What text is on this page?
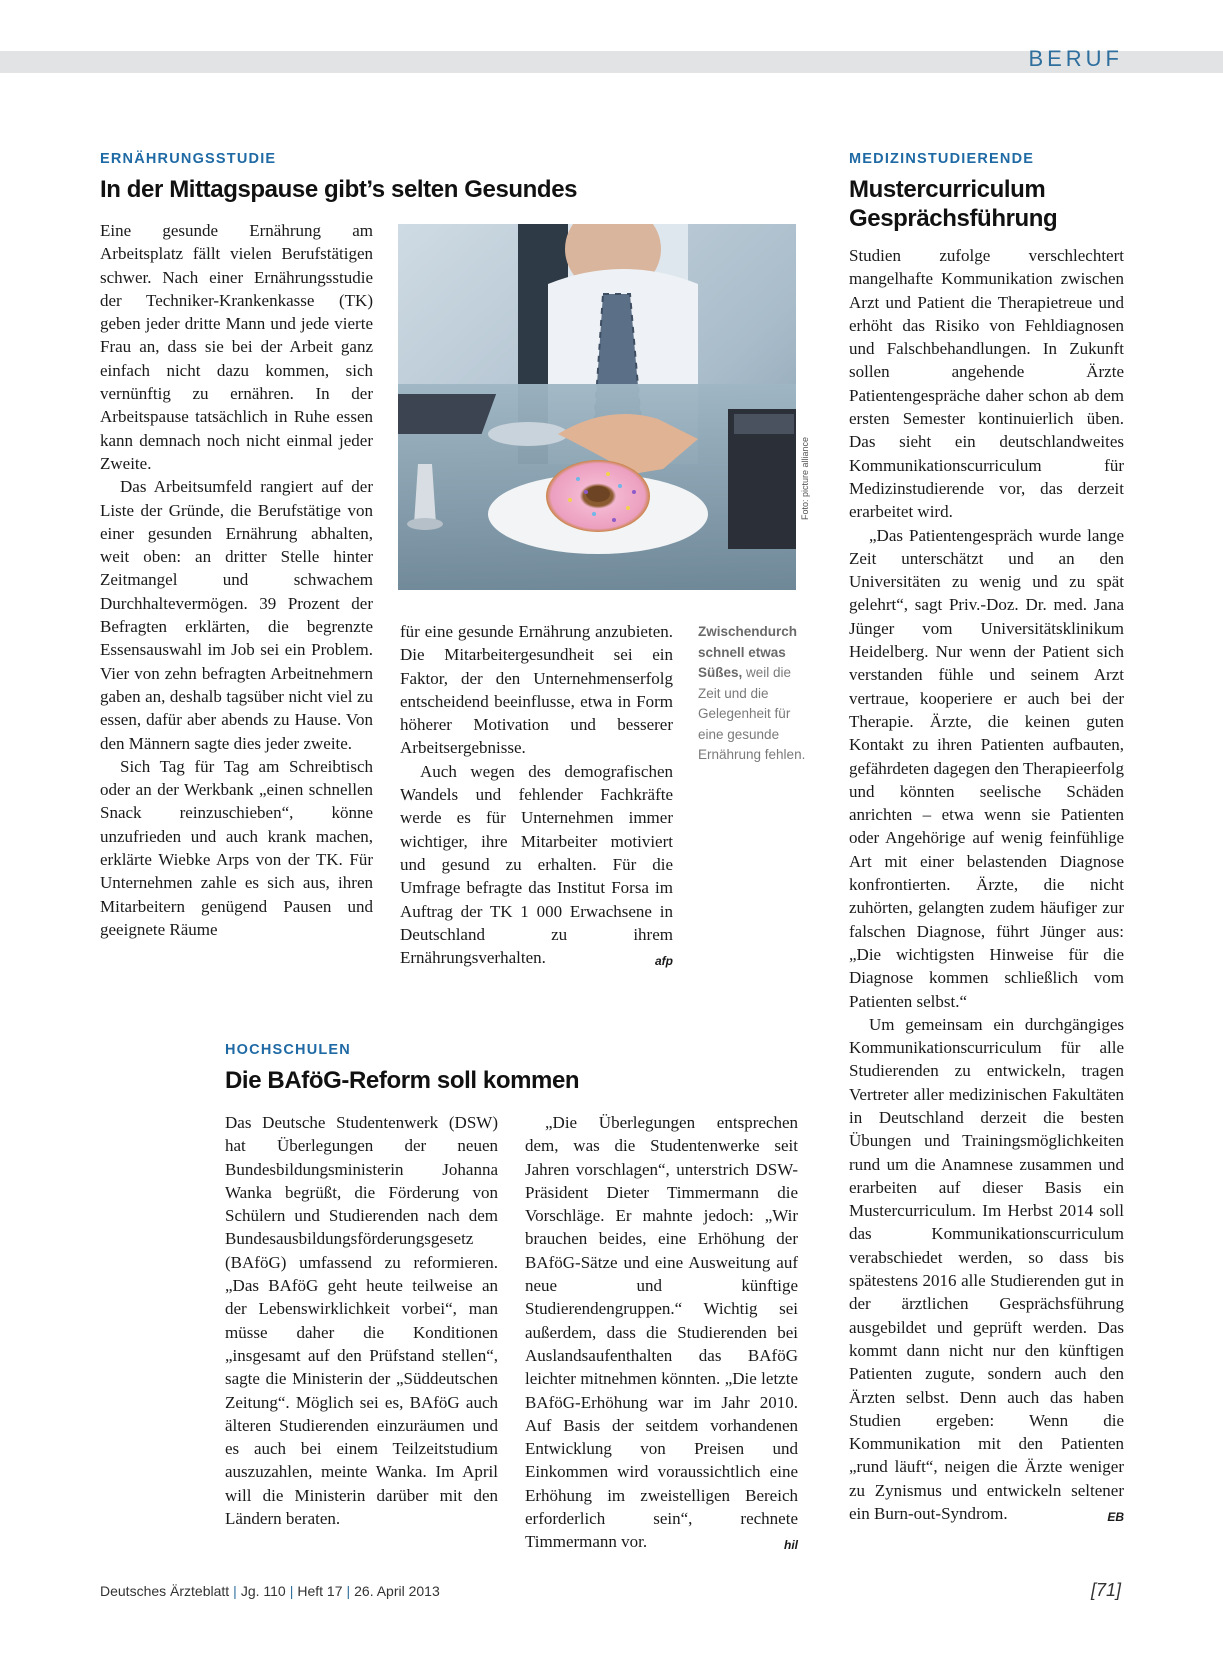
BERUF
ERNÄHRUNGSSTUDIE
In der Mittagspause gibt’s selten Gesundes

Eine gesunde Ernährung am Arbeitsplatz fällt vielen Berufstätigen schwer. Nach einer Ernährungsstudie der Techniker-Krankenkasse (TK) geben jeder dritte Mann und jede vierte Frau an, dass sie bei der Arbeit ganz einfach nicht dazu kommen, sich vernünftig zu ernähren. In der Arbeitspause tatsächlich in Ruhe essen kann demnach noch nicht einmal jeder Zweite.

Das Arbeitsumfeld rangiert auf der Liste der Gründe, die Berufstätige von einer gesunden Ernährung abhalten, weit oben: an dritter Stelle hinter Zeitmangel und schwachem Durchhaltevermögen. 39 Prozent der Befragten erklärten, die begrenzte Essensauswahl im Job sei ein Problem. Vier von zehn befragten Arbeitnehmern gaben an, deshalb tagsüber nicht viel zu essen, dafür aber abends zu Hause. Von den Männern sagte dies jeder zweite.

Sich Tag für Tag am Schreibtisch oder an der Werkbank „einen schnellen Snack reinzuschieben“, könne unzufrieden und auch krank machen, erklärte Wiebke Arps von der TK. Für Unternehmen zahle es sich aus, ihren Mitarbeitern genügend Pausen und geeignete Räume

Foto: picture alliance

für eine gesunde Ernährung anzubieten. Die Mitarbeitergesundheit sei ein Faktor, der den Unternehmenserfolg entscheidend beeinflusse, etwa in Form höherer Motivation und besserer Arbeitsergebnisse.

Auch wegen des demografischen Wandels und fehlender Fachkräfte werde es für Unternehmen immer wichtiger, ihre Mitarbeiter motiviert und gesund zu erhalten. Für die Umfrage befragte das Institut Forsa im Auftrag der TK 1 000 Erwachsene in Deutschland zu ihrem Ernährungsverhalten.	afp

Zwischendurch schnell etwas Süßes, weil die Zeit und die Gelegenheit für eine gesunde Ernährung fehlen.
HOCHSCHULEN
Die BAföG-Reform soll kommen

Das Deutsche Studentenwerk (DSW) hat Überlegungen der neuen Bundesbildungsministerin Johanna Wanka begrüßt, die Förderung von Schülern und Studierenden nach dem Bundesausbildungsförderungsgesetz (BAföG) umfassend zu reformieren. „Das BAföG geht heute teilweise an der Lebenswirklichkeit vorbei“, man müsse daher die Konditionen „insgesamt auf den Prüfstand stellen“, sagte die Ministerin der „Süddeutschen Zeitung“. Möglich sei es, BAföG auch älteren Studierenden einzuräumen und es auch bei einem Teilzeitstudium auszuzahlen, meinte Wanka. Im April will die Ministerin darüber mit den Ländern beraten.

„Die Überlegungen entsprechen dem, was die Studentenwerke seit Jahren vorschlagen“, unterstrich DSW-Präsident Dieter Timmermann die Vorschläge. Er mahnte jedoch: „Wir brauchen beides, eine Erhöhung der BAföG-Sätze und eine Ausweitung auf neue und künftige Studierendengruppen.“ Wichtig sei außerdem, dass die Studierenden bei Auslandsaufenthalten das BAföG leichter mitnehmen könnten. „Die letzte BAföG-Erhöhung war im Jahr 2010. Auf Basis der seitdem vorhandenen Entwicklung von Preisen und Einkommen wird voraussichtlich eine Erhöhung im zweistelligen Bereich erforderlich sein“, rechnete Timmermann vor.	hil

MEDIZINSTUDIERENDE
Mustercurriculum
Gesprächsführung

Studien zufolge verschlechtert mangelhafte Kommunikation zwischen Arzt und Patient die Therapietreue und erhöht das Risiko von Fehldiagnosen und Falschbehandlungen. In Zukunft sollen angehende Ärzte Patientengespräche daher schon ab dem ersten Semester kontinuierlich üben. Das sieht ein deutschlandweites Kommunikationscurriculum für Medizinstudierende vor, das derzeit erarbeitet wird.

„Das Patientengespräch wurde lange Zeit unterschätzt und an den Universitäten zu wenig und zu spät gelehrt“, sagt Priv.-Doz. Dr. med. Jana Jünger vom Universitätsklinikum Heidelberg. Nur wenn der Patient sich verstanden fühle und seinem Arzt vertraue, kooperiere er auch bei der Therapie. Ärzte, die keinen guten Kontakt zu ihren Patienten aufbauten, gefährdeten dagegen den Therapieerfolg und könnten seelische Schäden anrichten – etwa wenn sie Patienten oder Angehörige auf wenig feinfühlige Art mit einer belastenden Diagnose konfrontierten. Ärzte, die nicht zuhörten, gelangten zudem häufiger zur falschen Diagnose, führt Jünger aus: „Die wichtigsten Hinweise für die Diagnose kommen schließlich vom Patienten selbst.“

Um gemeinsam ein durchgängiges Kommunikationscurriculum für alle Studierenden zu entwickeln, tragen Vertreter aller medizinischen Fakultäten in Deutschland derzeit die besten Übungen und Trainingsmöglichkeiten rund um die Anamnese zusammen und erarbeiten auf dieser Basis ein Mustercurriculum. Im Herbst 2014 soll das Kommunikationscurriculum verabschiedet werden, so dass bis spätestens 2016 alle Studierenden gut in der ärztlichen Gesprächsführung ausgebildet und geprüft werden. Das kommt dann nicht nur den künftigen Patienten zugute, sondern auch den Ärzten selbst. Denn auch das haben Studien ergeben: Wenn die Kommunikation mit den Patienten „rund läuft“, neigen die Ärzte weniger zu Zynismus und entwickeln seltener ein Burn-out-Syndrom.	EB

Deutsches Ärzteblatt | Jg. 110 | Heft 17 | 26. April 2013	[71]
